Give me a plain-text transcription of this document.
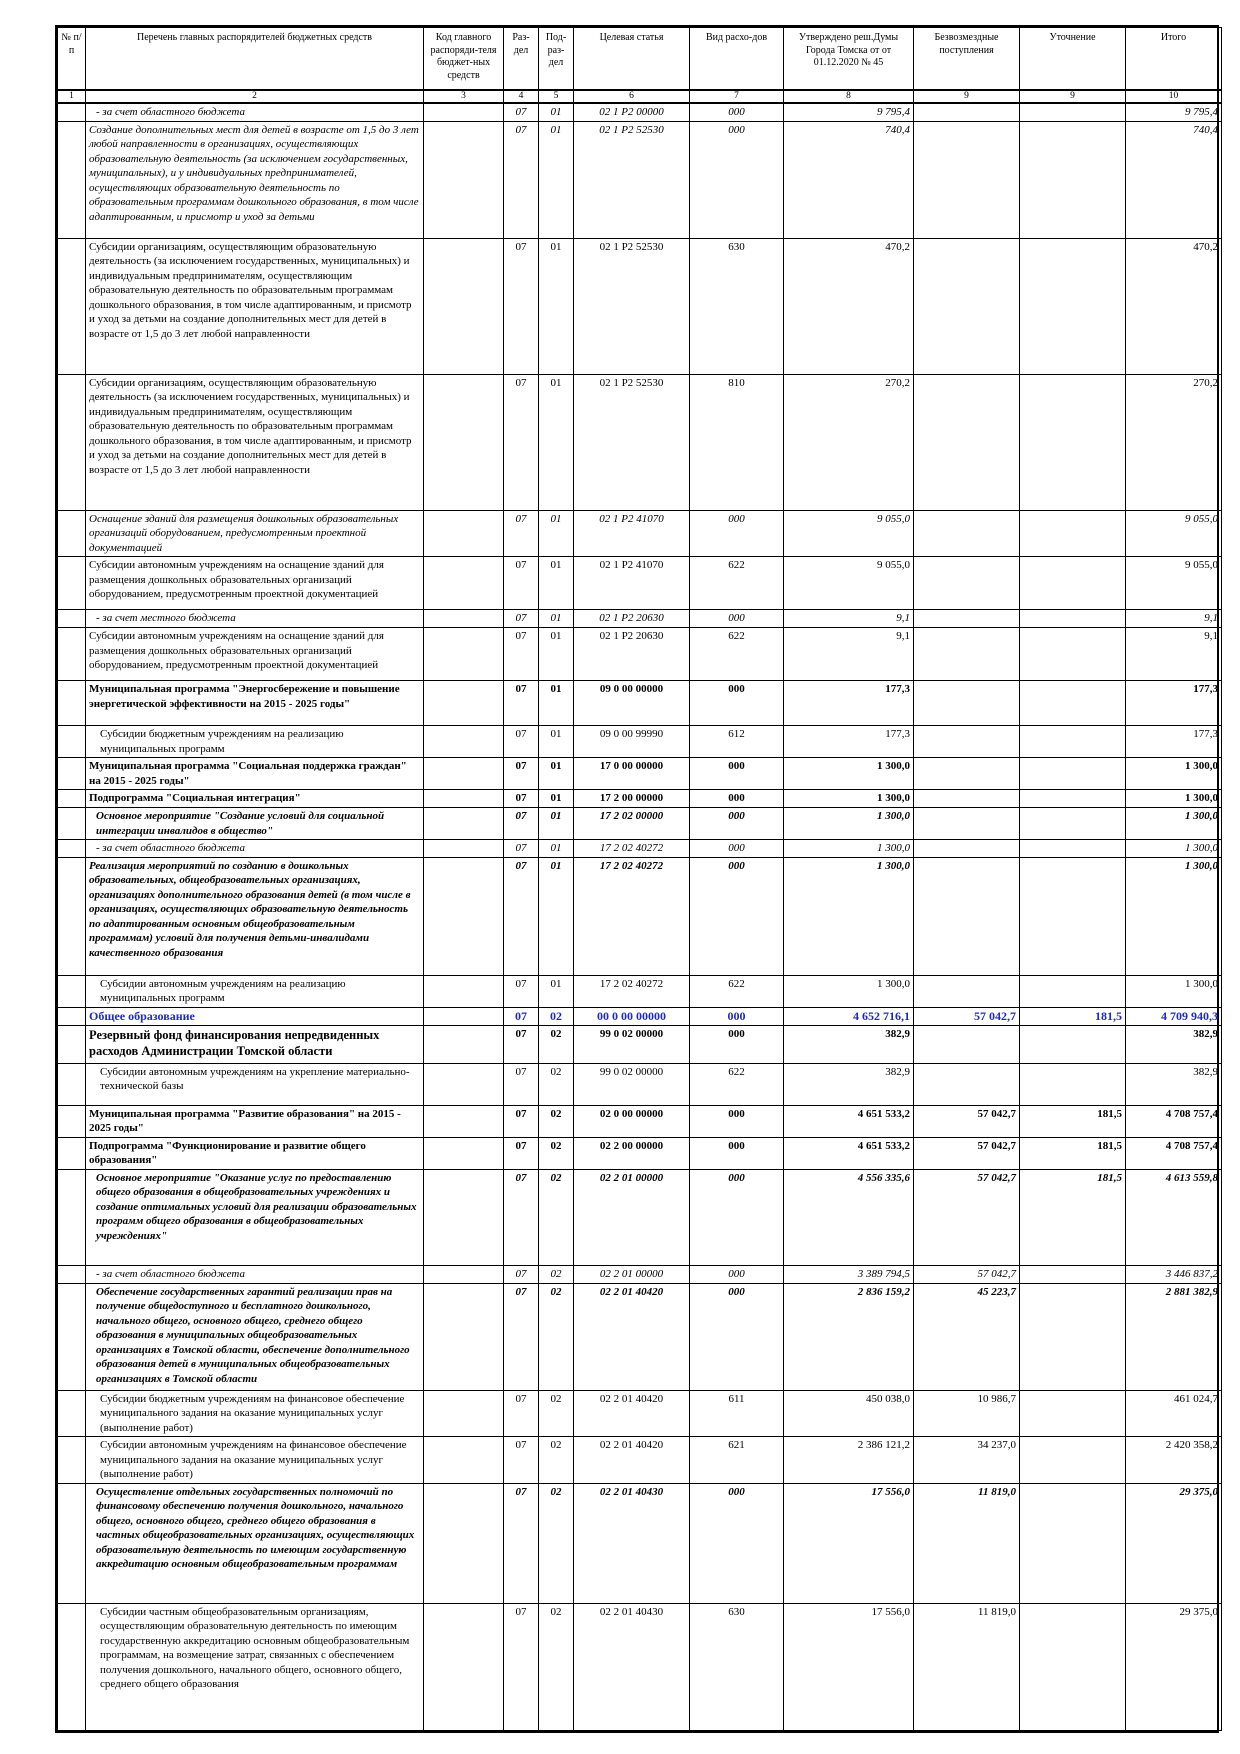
№ п/п	Перечень главных распорядителей бюджетных средств	Код главного распоряди-теля бюджет-ных средств	Раз-дел	Под-раз-дел	Целевая статья	Вид расхо-дов	Утверждено реш.Думы Города Томска от от 01.12.2020 № 45	Безвозмездные поступления	Уточнение	Итого
1	2	3	4	5	6	7	8	9	9	10
	- за счет областного бюджета		07	01	02 1 Р2 00000	000	9 795,4			9 795,4
	Создание дополнительных мест для детей в возрасте от 1,5 до 3 лет любой направленности в организациях, осуществляющих образовательную деятельность (за исключением государственных, муниципальных), и у индивидуальных предпринимателей, осуществляющих образовательную деятельность по образовательным программам дошкольного образования, в том числе адаптированным, и присмотр и уход за детьми		07	01	02 1 Р2 52530	000	740,4			740,4
	Субсидии организациям, осуществляющим образовательную деятельность (за исключением государственных, муниципальных) и индивидуальным предпринимателям, осуществляющим образовательную деятельность по образовательным программам дошкольного образования, в том числе адаптированным, и присмотр и уход за детьми на создание дополнительных мест для детей в возрасте от 1,5 до 3 лет любой направленности		07	01	02 1 Р2 52530	630	470,2			470,2
	Субсидии организациям, осуществляющим образовательную деятельность (за исключением государственных, муниципальных) и индивидуальным предпринимателям, осуществляющим образовательную деятельность по образовательным программам дошкольного образования, в том числе адаптированным, и присмотр и уход за детьми на создание дополнительных мест для детей в возрасте от 1,5 до 3 лет любой направленности		07	01	02 1 Р2 52530	810	270,2			270,2
	Оснащение зданий для размещения дошкольных образовательных организаций оборудованием, предусмотренным проектной документацией		07	01	02 1 Р2 41070	000	9 055,0			9 055,0
	Субсидии автономным учреждениям на оснащение зданий для размещения дошкольных образовательных организаций оборудованием, предусмотренным проектной документацией		07	01	02 1 Р2 41070	622	9 055,0			9 055,0
	- за счет местного бюджета		07	01	02 1 Р2 20630	000	9,1			9,1
	Субсидии автономным учреждениям на оснащение зданий для размещения дошкольных образовательных организаций оборудованием, предусмотренным проектной документацией		07	01	02 1 Р2 20630	622	9,1			9,1
	Муниципальная программа "Энергосбережение и повышение энергетической эффективности на 2015 - 2025 годы"		07	01	09 0 00 00000	000	177,3			177,3
	Субсидии бюджетным учреждениям на реализацию муниципальных программ		07	01	09 0 00 99990	612	177,3			177,3
	Муниципальная программа "Социальная поддержка граждан" на 2015 - 2025 годы"		07	01	17 0 00 00000	000	1 300,0			1 300,0
	Подпрограмма "Социальная интеграция"		07	01	17 2 00 00000	000	1 300,0			1 300,0
	Основное мероприятие "Создание условий для социальной интеграции инвалидов в общество"		07	01	17 2 02 00000	000	1 300,0			1 300,0
	- за счет областного бюджета		07	01	17 2 02 40272	000	1 300,0			1 300,0
	Реализация мероприятий по созданию в дошкольных образовательных, общеобразовательных организациях, организациях дополнительного образования детей (в том числе в организациях, осуществляющих образовательную деятельность по адаптированным основным общеобразовательным программам) условий для получения детьми-инвалидами качественного образования		07	01	17 2 02 40272	000	1 300,0			1 300,0
	Субсидии автономным учреждениям на реализацию муниципальных программ		07	01	17 2 02 40272	622	1 300,0			1 300,0
	Общее образование		07	02	00 0 00 00000	000	4 652 716,1	57 042,7	181,5	4 709 940,3
	Резервный фонд финансирования непредвиденных расходов Администрации Томской области		07	02	99 0 02 00000	000	382,9			382,9
	Субсидии автономным учреждениям на укрепление материально-технической базы		07	02	99 0 02 00000	622	382,9			382,9
	Муниципальная программа "Развитие образования" на 2015 - 2025 годы"		07	02	02 0 00 00000	000	4 651 533,2	57 042,7	181,5	4 708 757,4
	Подпрограмма "Функционирование и развитие общего образования"		07	02	02 2 00 00000	000	4 651 533,2	57 042,7	181,5	4 708 757,4
	Основное мероприятие "Оказание услуг по предоставлению общего образования в общеобразовательных учреждениях и создание оптимальных условий для реализации образовательных программ общего образования в общеобразовательных учреждениях"		07	02	02 2 01 00000	000	4 556 335,6	57 042,7	181,5	4 613 559,8
	- за счет областного бюджета		07	02	02 2 01 00000	000	3 389 794,5	57 042,7		3 446 837,2
	Обеспечение государственных гарантий реализации прав на получение общедоступного и бесплатного дошкольного, начального общего, основного общего, среднего общего образования в муниципальных общеобразовательных организациях в Томской области, обеспечение дополнительного образования детей в муниципальных общеобразовательных организациях в Томской области		07	02	02 2 01 40420	000	2 836 159,2	45 223,7		2 881 382,9
	Субсидии бюджетным учреждениям на финансовое обеспечение муниципального задания на оказание муниципальных услуг (выполнение работ)		07	02	02 2 01 40420	611	450 038,0	10 986,7		461 024,7
	Субсидии автономным учреждениям на финансовое обеспечение муниципального задания на оказание муниципальных услуг (выполнение работ)		07	02	02 2 01 40420	621	2 386 121,2	34 237,0		2 420 358,2
	Осуществление отдельных государственных полномочий по финансовому обеспечению получения дошкольного, начального общего, основного общего, среднего общего образования в частных общеобразовательных организациях, осуществляющих образовательную деятельность по имеющим государственную аккредитацию основным общеобразовательным программам		07	02	02 2 01 40430	000	17 556,0	11 819,0		29 375,0
	Субсидии частным общеобразовательным организациям, осуществляющим образовательную деятельность по имеющим государственную аккредитацию основным общеобразовательным программам, на возмещение затрат, связанных с обеспечением получения дошкольного, начального общего, основного общего, среднего общего образования		07	02	02 2 01 40430	630	17 556,0	11 819,0		29 375,0
